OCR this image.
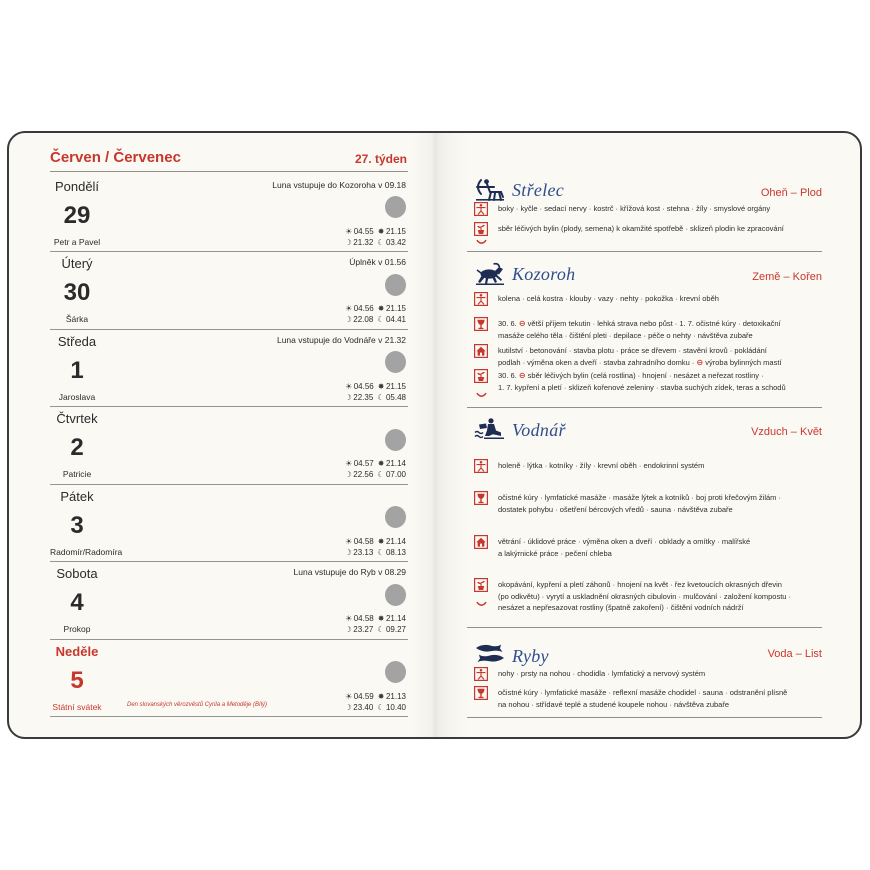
Červen / Červenec	27. týden
Pondělí
29
Petr a Pavel
Luna vstupuje do Kozoroha v 09.18
☀ 04.55 ✸ 21.15
☽ 21.32 ☾ 03.42
Úterý
30
Šárka
Úplněk v 01.56
☀ 04.56 ✸ 21.15
☽ 22.08 ☾ 04.41
Středa
1
Jaroslava
Luna vstupuje do Vodnáře v 21.32
☀ 04.56 ✸ 21.15
☽ 22.35 ☾ 05.48
Čtvrtek
2
Patricie
☀ 04.57 ✸ 21.14
☽ 22.56 ☾ 07.00
Pátek
3
Radomír/Radomíra
☀ 04.58 ✸ 21.14
☽ 23.13 ☾ 08.13
Sobota
4
Prokop
Luna vstupuje do Ryb v 08.29
☀ 04.58 ✸ 21.14
☽ 23.27 ☾ 09.27
Neděle
5
Státní svátek	Den slovanských věrozvěstů Cyrila a Metoděje (Bílý)
☀ 04.59 ✸ 21.13
☽ 23.40 ☾ 10.40
Střelec	Oheň – Plod
boky · kyčle · sedací nervy · kostrč · křížová kost · stehna · žíly · smyslové orgány
sběr léčivých bylin (plody, semena) k okamžité spotřebě · sklizeň plodin ke zpracování
Kozoroh	Země – Kořen
kolena · celá kostra · klouby · vazy · nehty · pokožka · krevní oběh
30. 6. ⊖ větší příjem tekutin · lehká strava nebo půst · 1. 7. očistné kúry · detoxikační
masáže celého těla · čištění pleti · depilace · péče o nehty · návštěva zubaře
kutilství · betonování · stavba plotu · práce se dřevem · stavění krovů · pokládání
podlah · výměna oken a dveří · stavba zahradního domku · ⊖ výroba bylinných mastí
30. 6. ⊖ sběr léčivých bylin (celá rostlina) · hnojení · nesázet a neřezat rostliny ·
1. 7. kypření a pletí · sklizeň kořenové zeleniny · stavba suchých zídek, teras a schodů
Vodnář	Vzduch – Květ
holeně · lýtka · kotníky · žíly · krevní oběh · endokrinní systém
očistné kúry · lymfatické masáže · masáže lýtek a kotníků · boj proti křečovým žilám ·
dostatek pohybu · ošetření bércových vředů · sauna · návštěva zubaře
větrání · úklidové práce · výměna oken a dveří · obklady a omítky · malířské
a lakýrnické práce · pečení chleba
okopávání, kypření a pletí záhonů · hnojení na květ · řez kvetoucích okrasných dřevin
(po odkvětu) · vyrytí a uskladnění okrasných cibulovin · mulčování · založení kompostu ·
nesázet a nepřesazovat rostliny (špatně zakoření) · čištění vodních nádrží
Ryby	Voda – List
nohy · prsty na nohou · chodidla · lymfatický a nervový systém
očistné kúry · lymfatické masáže · reflexní masáže chodidel · sauna · odstranění plísně
na nohou · střídavé teplé a studené koupele nohou · návštěva zubaře
